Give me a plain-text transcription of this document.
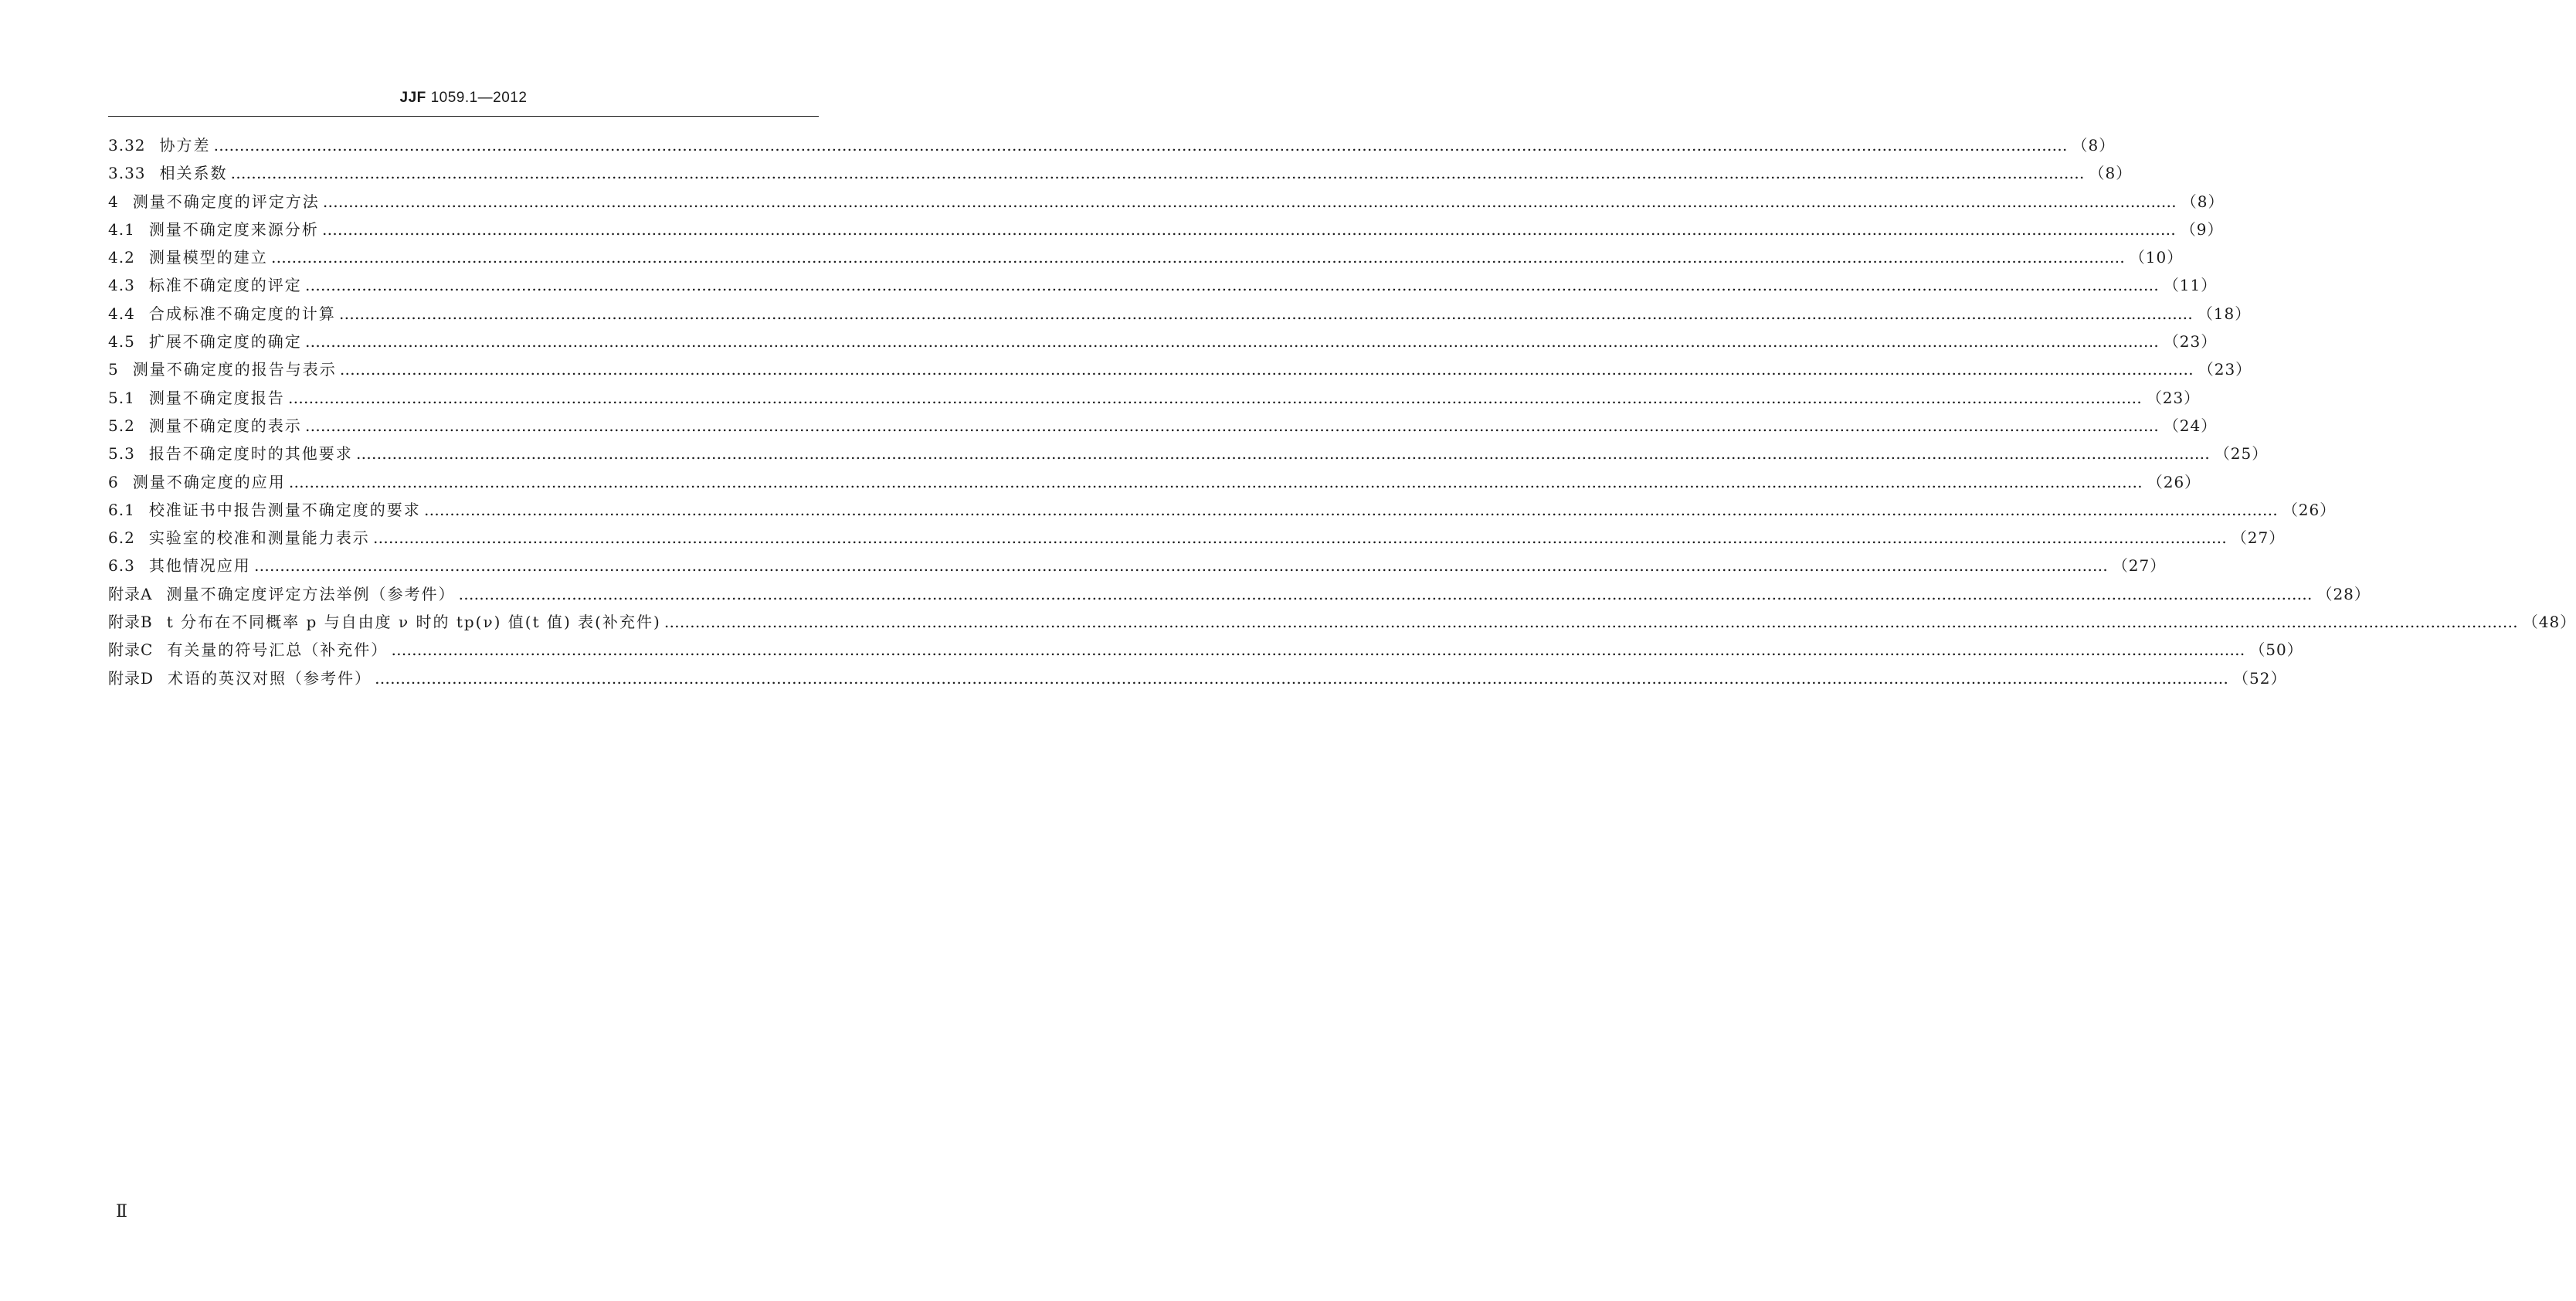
JJF 1059.1—2012
3.32 协方差 ……………………………………………………………………………………………………………………………………………………………………………………………………………………………………………………………………………………………………………………………… （8）
3.33 相关系数 ……………………………………………………………………………………………………………………………………………………………………………………………………………………………………………………………………………………………………………………………… （8）
4 测量不确定度的评定方法 ……………………………………………………………………………………………………………………………………………………………………………………………………………………………………………………………………………………………………………………………… （8）
4.1 测量不确定度来源分析 ……………………………………………………………………………………………………………………………………………………………………………………………………………………………………………………………………………………………………………………………… （9）
4.2 测量模型的建立 ……………………………………………………………………………………………………………………………………………………………………………………………………………………………………………………………………………………………………………………………… （10）
4.3 标准不确定度的评定 ……………………………………………………………………………………………………………………………………………………………………………………………………………………………………………………………………………………………………………………………… （11）
4.4 合成标准不确定度的计算 ……………………………………………………………………………………………………………………………………………………………………………………………………………………………………………………………………………………………………………………………… （18）
4.5 扩展不确定度的确定 ……………………………………………………………………………………………………………………………………………………………………………………………………………………………………………………………………………………………………………………………… （23）
5 测量不确定度的报告与表示 ……………………………………………………………………………………………………………………………………………………………………………………………………………………………………………………………………………………………………………………………… （23）
5.1 测量不确定度报告 ……………………………………………………………………………………………………………………………………………………………………………………………………………………………………………………………………………………………………………………………… （23）
5.2 测量不确定度的表示 ……………………………………………………………………………………………………………………………………………………………………………………………………………………………………………………………………………………………………………………………… （24）
5.3 报告不确定度时的其他要求 ……………………………………………………………………………………………………………………………………………………………………………………………………………………………………………………………………………………………………………………………… （25）
6 测量不确定度的应用 ……………………………………………………………………………………………………………………………………………………………………………………………………………………………………………………………………………………………………………………………… （26）
6.1 校准证书中报告测量不确定度的要求 ……………………………………………………………………………………………………………………………………………………………………………………………………………………………………………………………………………………………………………………………… （26）
6.2 实验室的校准和测量能力表示 ……………………………………………………………………………………………………………………………………………………………………………………………………………………………………………………………………………………………………………………………… （27）
6.3 其他情况应用 ……………………………………………………………………………………………………………………………………………………………………………………………………………………………………………………………………………………………………………………………… （27）
附录A 测量不确定度评定方法举例（参考件） ……………………………………………………………………………………………………………………………………………………………………………………………………………………………………………………………………………………………………………………………… （28）
附录B t 分布在不同概率 p 与自由度 ν 时的 tp(ν) 值(t 值) 表(补充件) ……………………………………………………………………………………………………………………………………………………………………………………………………………………………………………………………………………………………………………………………… （48）
附录C 有关量的符号汇总（补充件） ……………………………………………………………………………………………………………………………………………………………………………………………………………………………………………………………………………………………………………………………… （50）
附录D 术语的英汉对照（参考件） ……………………………………………………………………………………………………………………………………………………………………………………………………………………………………………………………………………………………………………………………… （52）
Ⅱ
